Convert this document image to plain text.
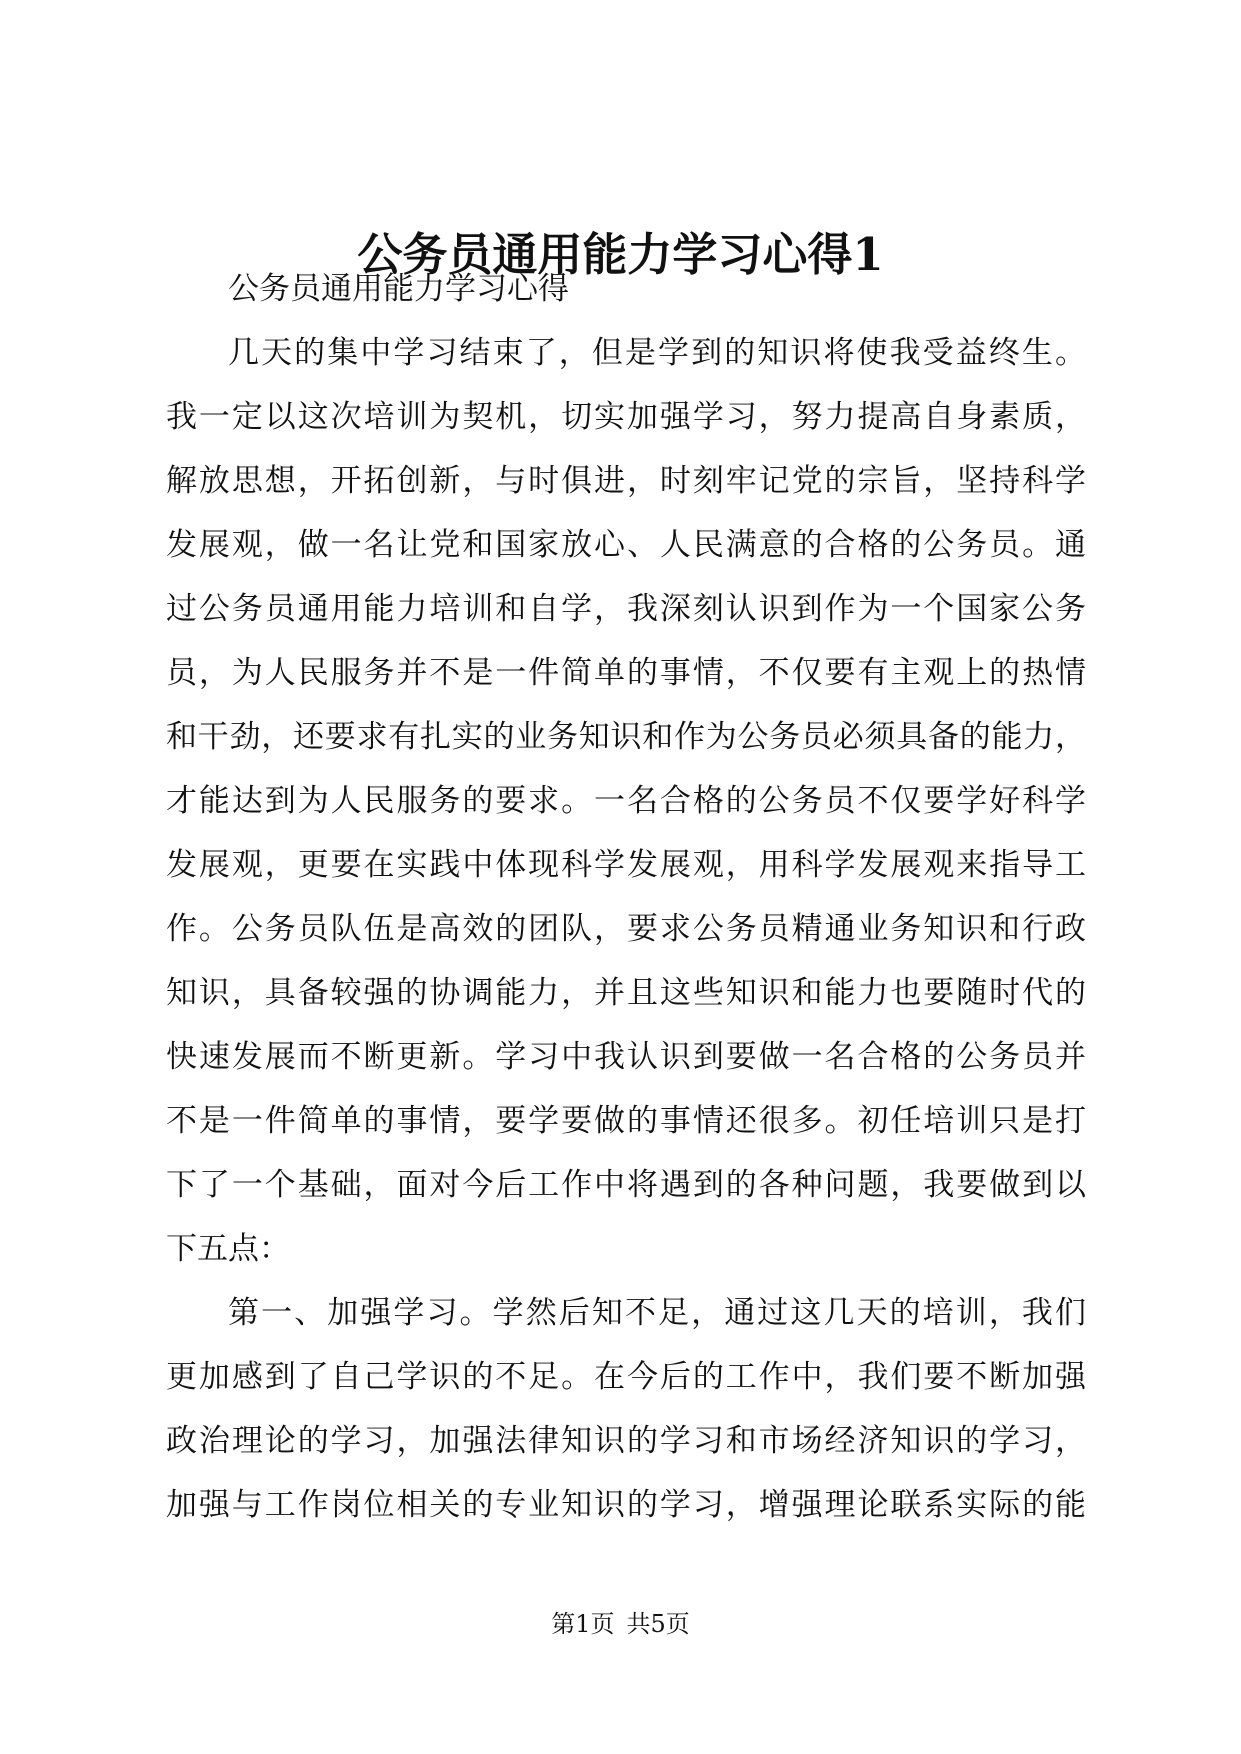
公务员通用能力学习心得1
公务员通用能力学习心得
几天的集中学习结束了，但是学到的知识将使我受益终生。
我一定以这次培训为契机，切实加强学习，努力提高自身素质，
解放思想，开拓创新，与时俱进，时刻牢记党的宗旨，坚持科学
发展观，做一名让党和国家放心、人民满意的合格的公务员。通
过公务员通用能力培训和自学，我深刻认识到作为一个国家公务
员，为人民服务并不是一件简单的事情，不仅要有主观上的热情
和干劲，还要求有扎实的业务知识和作为公务员必须具备的能力，
才能达到为人民服务的要求。一名合格的公务员不仅要学好科学
发展观，更要在实践中体现科学发展观，用科学发展观来指导工
作。公务员队伍是高效的团队，要求公务员精通业务知识和行政
知识，具备较强的协调能力，并且这些知识和能力也要随时代的
快速发展而不断更新。学习中我认识到要做一名合格的公务员并
不是一件简单的事情，要学要做的事情还很多。初任培训只是打
下了一个基础，面对今后工作中将遇到的各种问题，我要做到以
下五点：
第一、加强学习。学然后知不足，通过这几天的培训，我们
更加感到了自己学识的不足。在今后的工作中，我们要不断加强
政治理论的学习，加强法律知识的学习和市场经济知识的学习，
加强与工作岗位相关的专业知识的学习，增强理论联系实际的能
第1页 共5页
